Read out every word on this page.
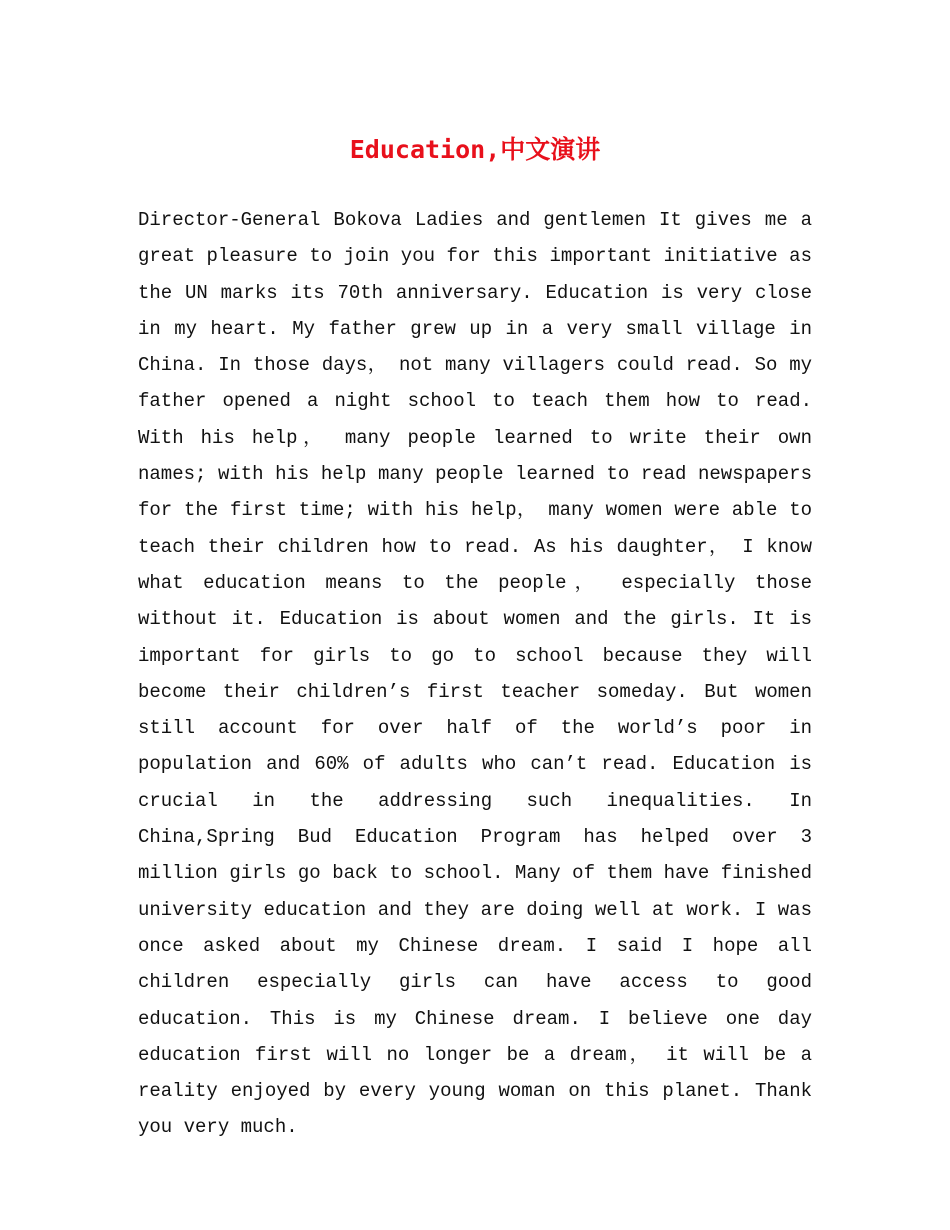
Education,中文演讲

Director-General Bokova Ladies and gentlemen It gives me a great pleasure to join you for this important initiative as the UN marks its 70th anniversary. Education is very close in my heart. My father grew up in a very small village in China. In those days， not many villagers could read. So my father opened a night school to teach them how to read. With his help， many people learned to write their own names; with his help many people learned to read newspapers for the first time; with his help， many women were able to teach their children how to read. As his daughter， I know what education means to the people， especially those without it. Education is about women and the girls. It is important for girls to go to school because they will become their children’s first teacher someday. But women still account for over half of the world’s poor in population and 60% of adults who can’t read. Education is crucial in the addressing such inequalities. In China,Spring Bud Education Program has helped over 3 million girls go back to school. Many of them have finished university education and they are doing well at work. I was once asked about my Chinese dream. I said I hope all children especially girls can have access to good education. This is my Chinese dream. I believe one day education first will no longer be a dream， it will be a reality enjoyed by every young woman on this planet. Thank you very much.
